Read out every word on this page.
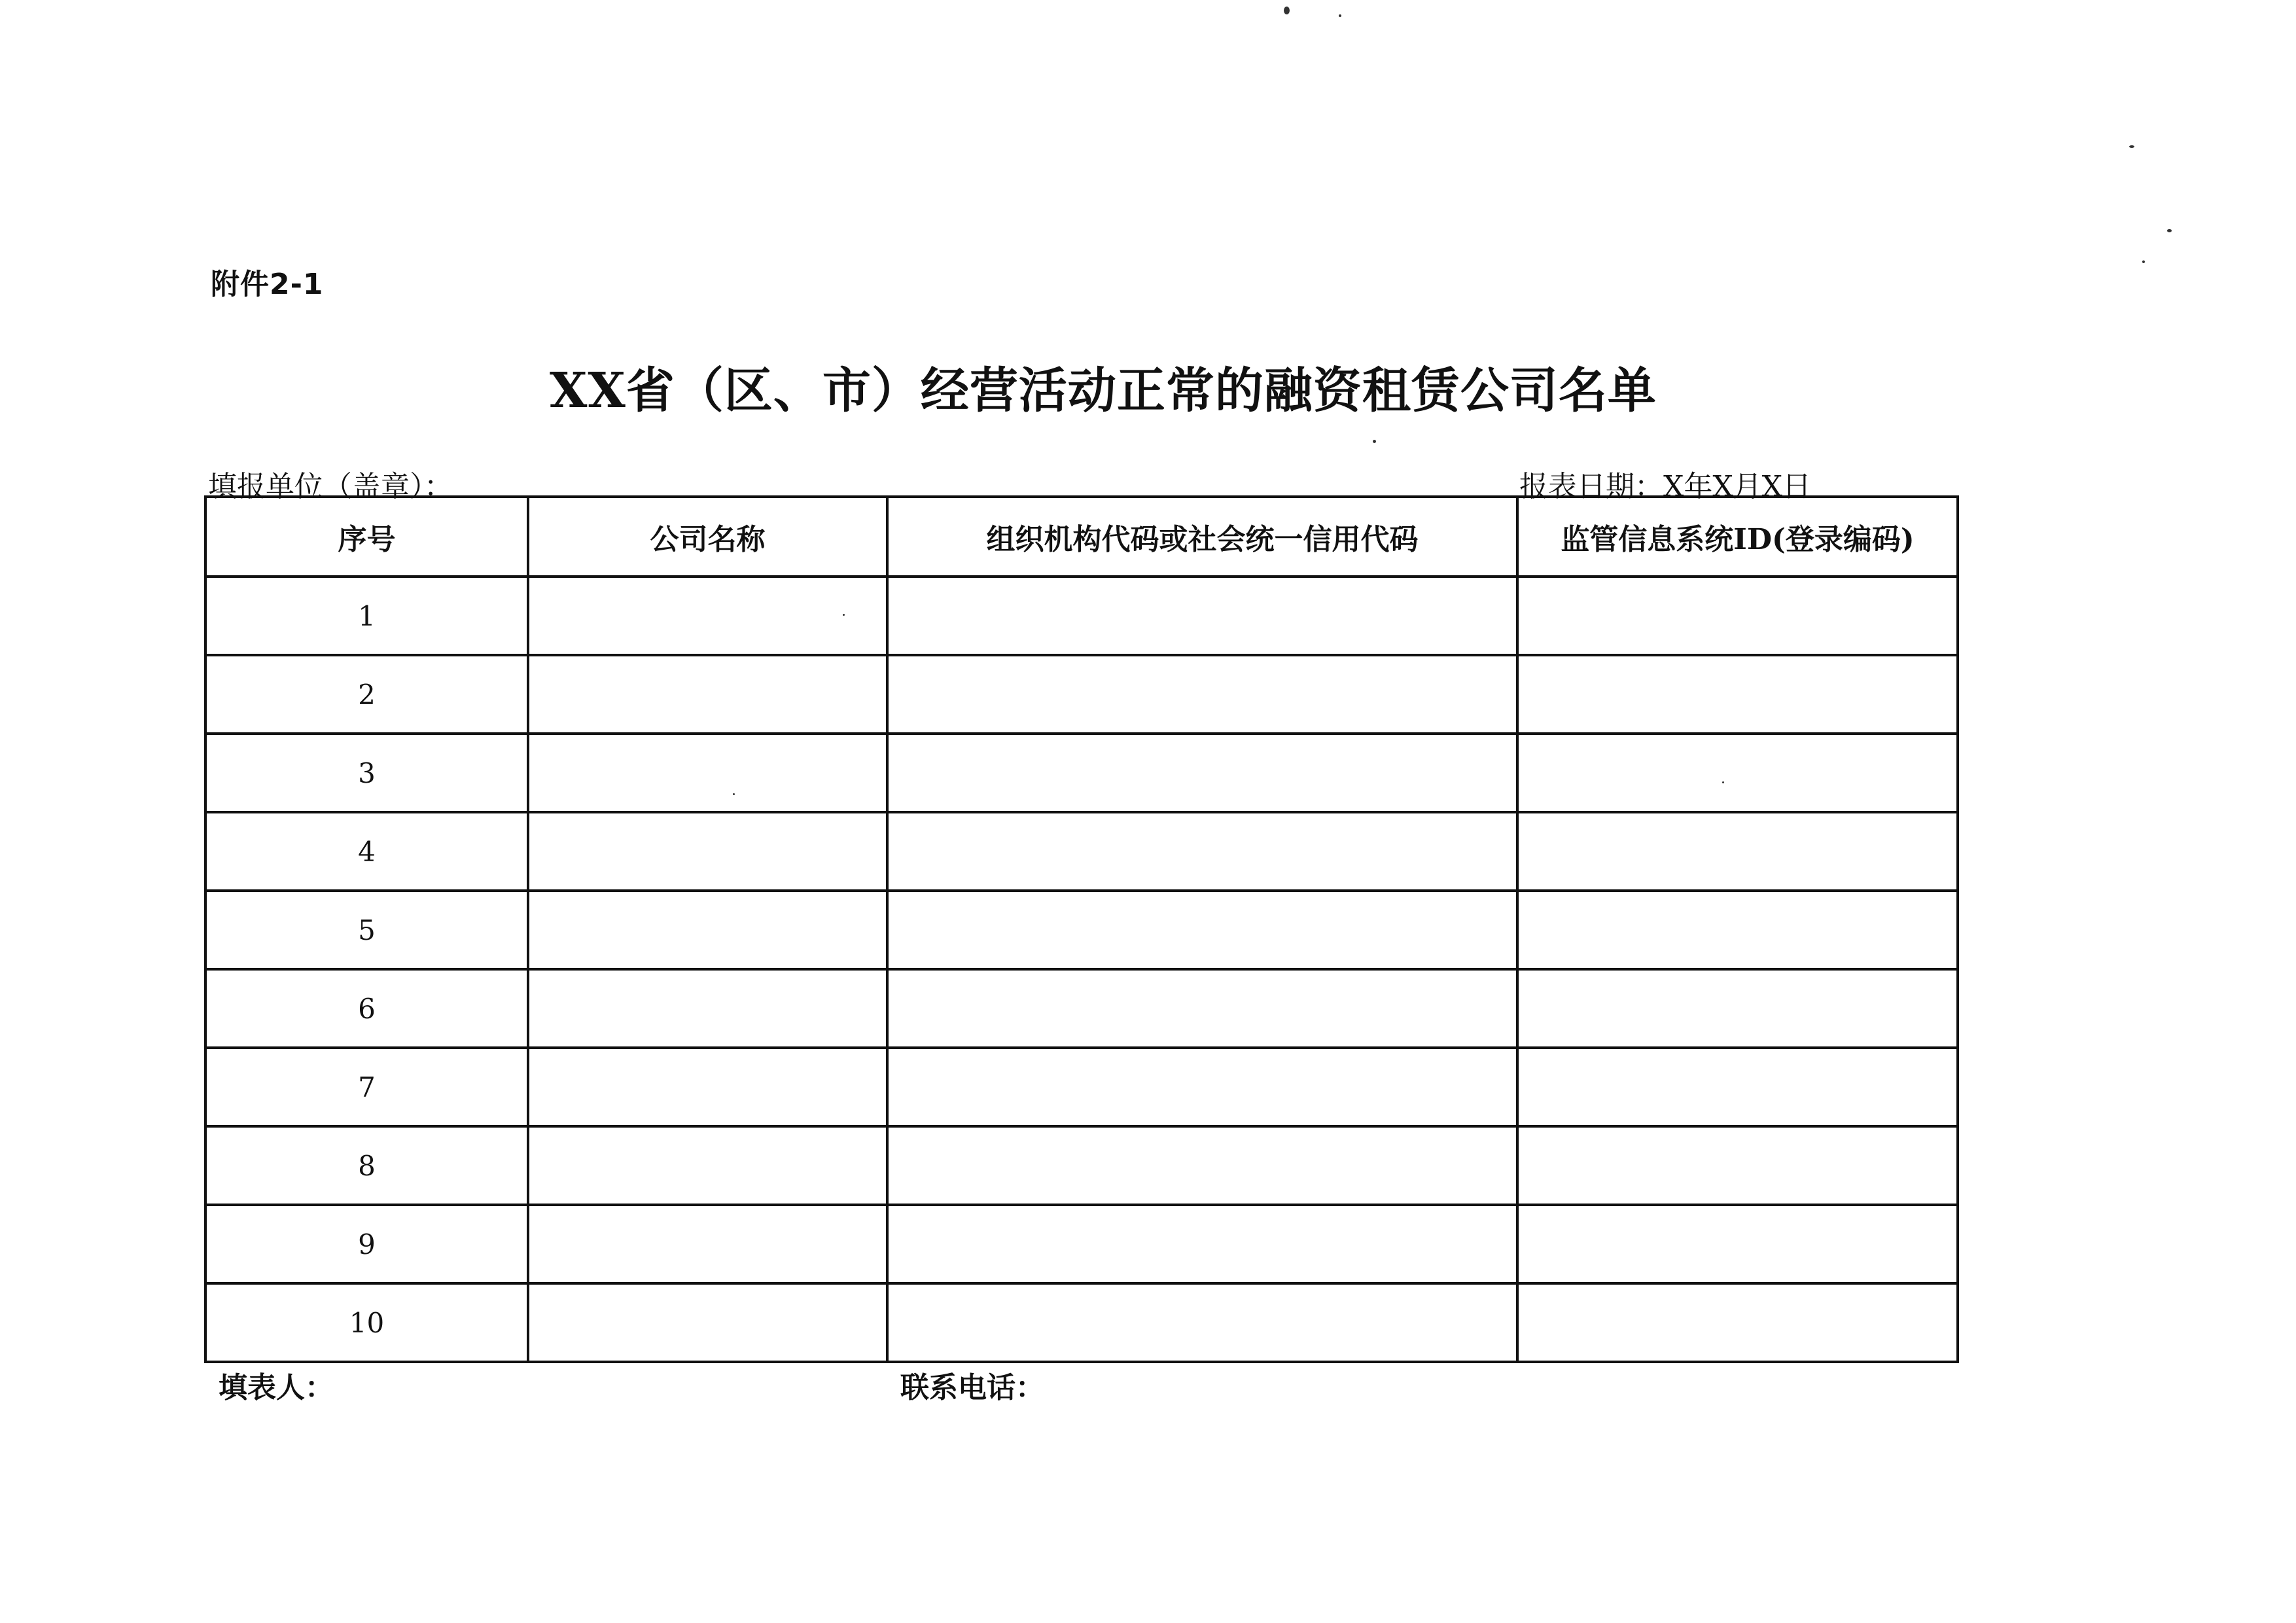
附件2-1
XX省（区、市）经营活动正常的融资租赁公司名单
填报单位（盖章）：	报表日期：X年X月X日
序号	公司名称	组织机构代码或社会统一信用代码	监管信息系统ID(登录编码)
1			
2			
3			
4			
5			
6			
7			
8			
9			
10			
填表人：	联系电话：
